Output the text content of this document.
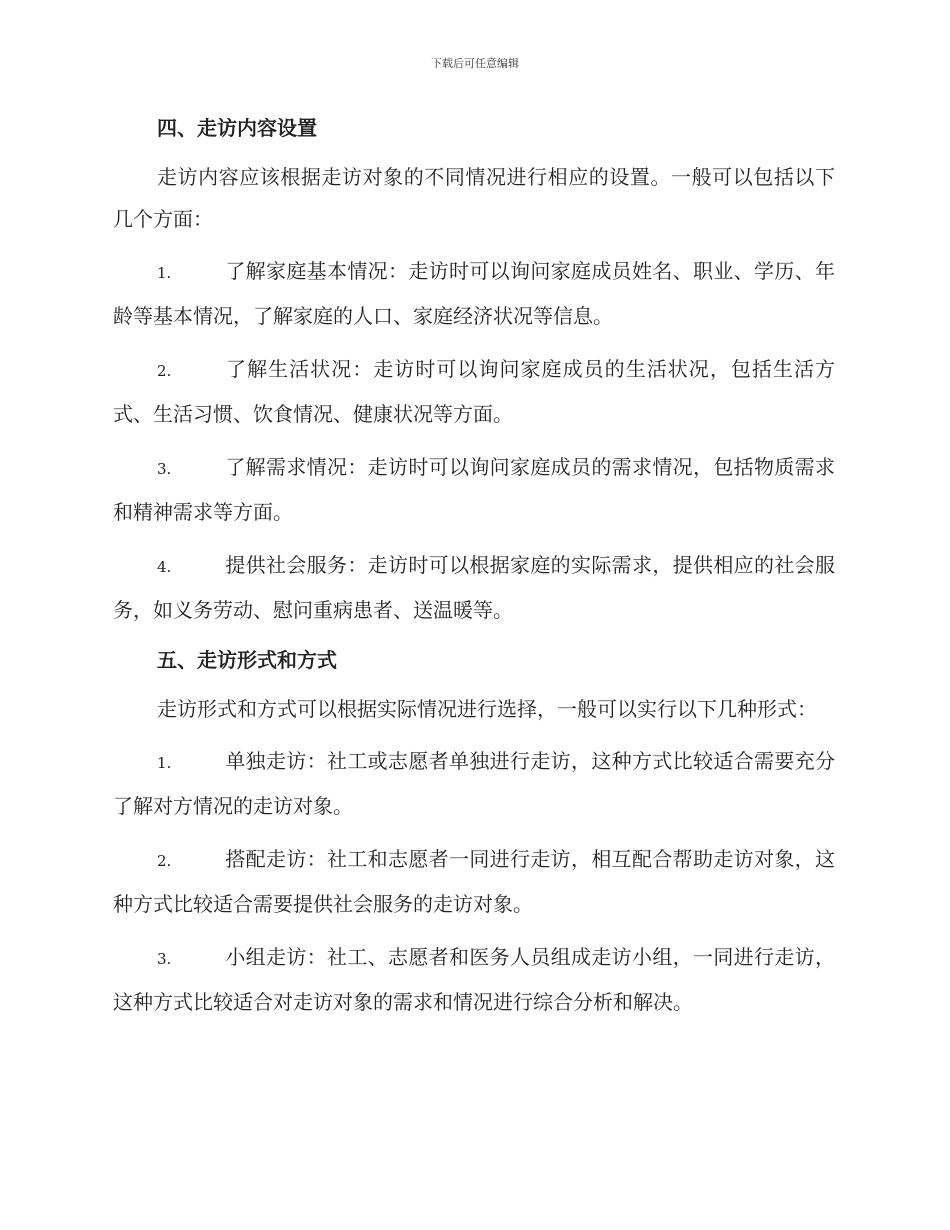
下载后可任意编辑
四、走访内容设置
走访内容应该根据走访对象的不同情况进行相应的设置。一般可以包括以下几个方面：
1.	了解家庭基本情况：走访时可以询问家庭成员姓名、职业、学历、年龄等基本情况，了解家庭的人口、家庭经济状况等信息。
2.	了解生活状况：走访时可以询问家庭成员的生活状况，包括生活方式、生活习惯、饮食情况、健康状况等方面。
3.	了解需求情况：走访时可以询问家庭成员的需求情况，包括物质需求和精神需求等方面。
4.	提供社会服务：走访时可以根据家庭的实际需求，提供相应的社会服务，如义务劳动、慰问重病患者、送温暖等。
五、走访形式和方式
走访形式和方式可以根据实际情况进行选择，一般可以实行以下几种形式：
1.	单独走访：社工或志愿者单独进行走访，这种方式比较适合需要充分了解对方情况的走访对象。
2.	搭配走访：社工和志愿者一同进行走访，相互配合帮助走访对象，这种方式比较适合需要提供社会服务的走访对象。
3.	小组走访：社工、志愿者和医务人员组成走访小组，一同进行走访，这种方式比较适合对走访对象的需求和情况进行综合分析和解决。
